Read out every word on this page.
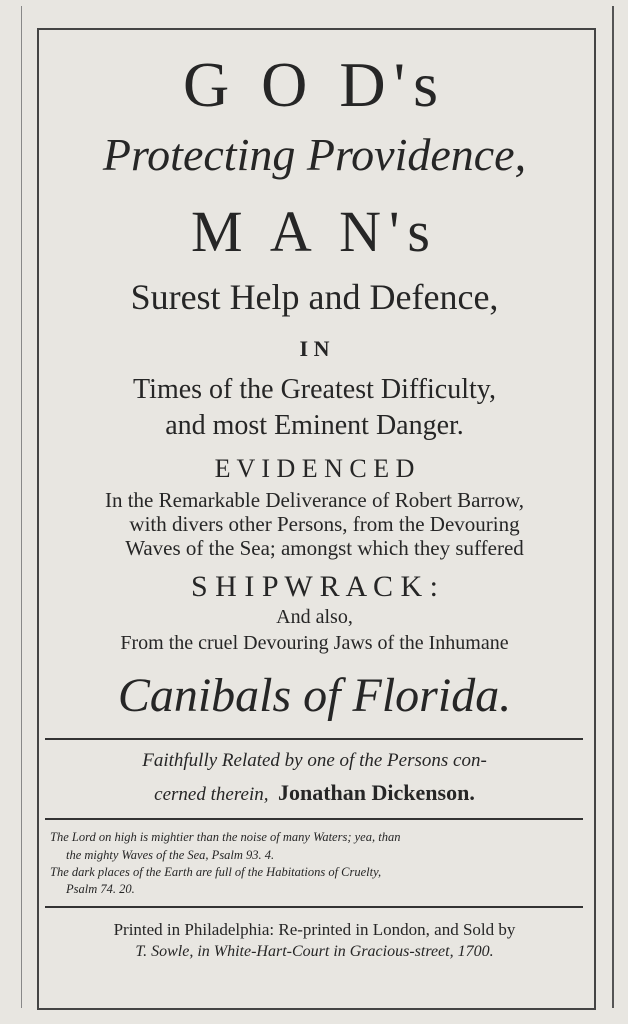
G O D's
Protecting Providence,
M A N's
Surest Help and Defence,
I N
Times of the Greatest Difficulty,
and most Eminent Danger.
E V I D E N C E D
In the Remarkable Deliverance of Robert Barrow,
with divers other Persons, from the Devouring
Waves of the Sea; amongst which they suffered
S H I P W R A C K :
And also,
From the cruel Devouring Jaws of the Inhumane
Canibals of Florida.
Faithfully Related by one of the Persons con-
cerned therein, Jonathan Dickenson.
The Lord on high is mightier than the noise of many Waters; yea, than
the mighty Waves of the Sea, Psalm 93. 4.
The dark places of the Earth are full of the Habitations of Cruelty,
Psalm 74. 20.
Printed in Philadelphia: Re-printed in London, and Sold by
T. Sowle, in White-Hart-Court in Gracious-street, 1700.
